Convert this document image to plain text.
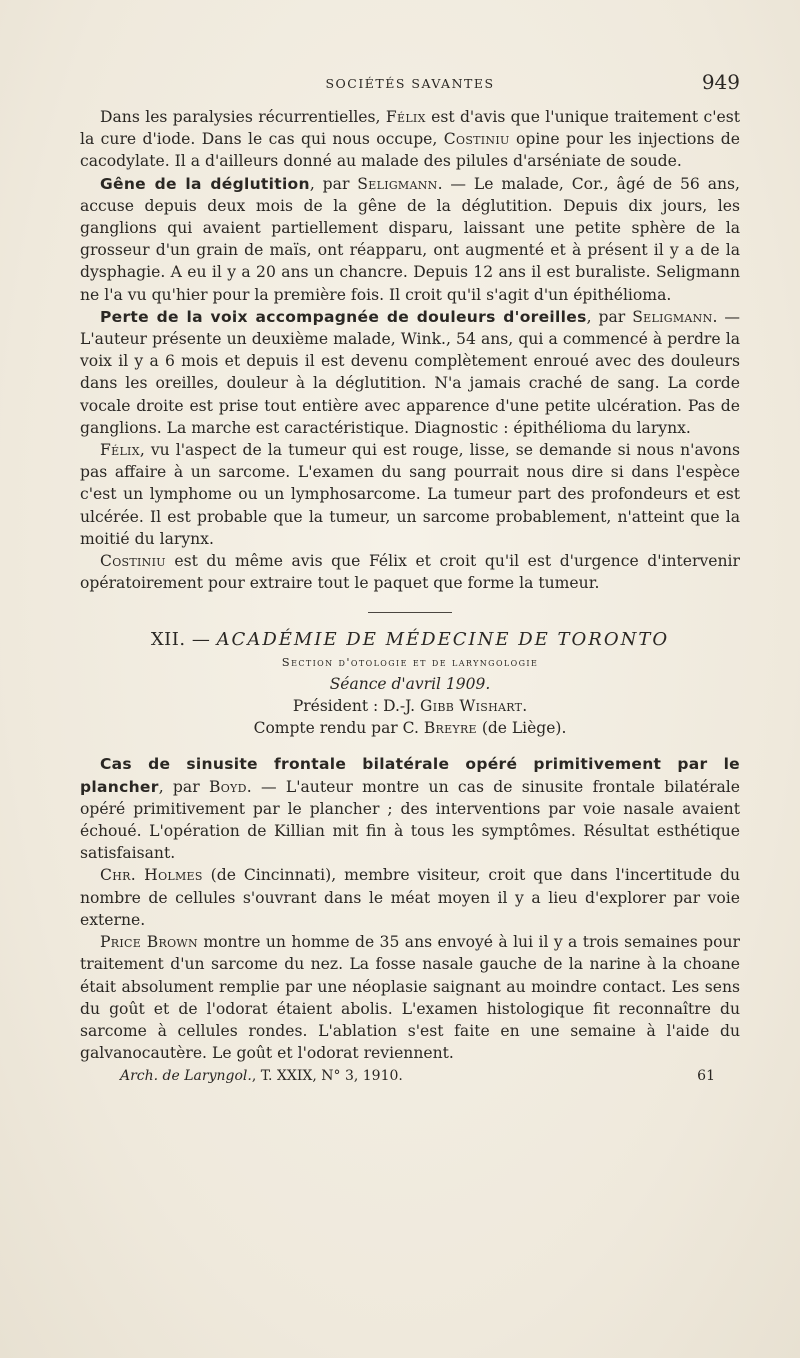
SOCIÉTÉS SAVANTES	949

Dans les paralysies récurrentielles, Félix est d'avis que l'unique traitement c'est la cure d'iode. Dans le cas qui nous occupe, Costiniu opine pour les injections de cacodylate. Il a d'ailleurs donné au malade des pilules d'arséniate de soude.

Gêne de la déglutition, par Seligmann. — Le malade, Cor., âgé de 56 ans, accuse depuis deux mois de la gêne de la déglutition. Depuis dix jours, les ganglions qui avaient partiellement disparu, laissant une petite sphère de la grosseur d'un grain de maïs, ont réapparu, ont augmenté et à présent il y a de la dysphagie. A eu il y a 20 ans un chancre. Depuis 12 ans il est buraliste. Seligmann ne l'a vu qu'hier pour la première fois. Il croit qu'il s'agit d'un épithélioma.

Perte de la voix accompagnée de douleurs d'oreilles, par Seligmann. — L'auteur présente un deuxième malade, Wink., 54 ans, qui a commencé à perdre la voix il y a 6 mois et depuis il est devenu complètement enroué avec des douleurs dans les oreilles, douleur à la déglutition. N'a jamais craché de sang. La corde vocale droite est prise tout entière avec apparence d'une petite ulcération. Pas de ganglions. La marche est caractéristique. Diagnostic : épithélioma du larynx.

Félix, vu l'aspect de la tumeur qui est rouge, lisse, se demande si nous n'avons pas affaire à un sarcome. L'examen du sang pourrait nous dire si dans l'espèce c'est un lymphome ou un lymphosarcome. La tumeur part des profondeurs et est ulcérée. Il est probable que la tumeur, un sarcome probablement, n'atteint que la moitié du larynx.

Costiniu est du même avis que Félix et croit qu'il est d'urgence d'intervenir opératoirement pour extraire tout le paquet que forme la tumeur.

XII. — ACADÉMIE DE MÉDECINE DE TORONTO
Section d'otologie et de laryngologie
Séance d'avril 1909.
Président : D.-J. Gibb Wishart.
Compte rendu par C. Breyre (de Liège).

Cas de sinusite frontale bilatérale opéré primitivement par le plancher, par Boyd. — L'auteur montre un cas de sinusite frontale bilatérale opéré primitivement par le plancher ; des interventions par voie nasale avaient échoué. L'opération de Killian mit fin à tous les symptômes. Résultat esthétique satisfaisant.

Chr. Holmes (de Cincinnati), membre visiteur, croit que dans l'incertitude du nombre de cellules s'ouvrant dans le méat moyen il y a lieu d'explorer par voie externe.

Price Brown montre un homme de 35 ans envoyé à lui il y a trois semaines pour traitement d'un sarcome du nez. La fosse nasale gauche de la narine à la choane était absolument remplie par une néoplasie saignant au moindre contact. Les sens du goût et de l'odorat étaient abolis. L'examen histologique fit reconnaître du sarcome à cellules rondes. L'ablation s'est faite en une semaine à l'aide du galvanocautère. Le goût et l'odorat reviennent.

Arch. de Laryngol., T. XXIX, N° 3, 1910.	61
